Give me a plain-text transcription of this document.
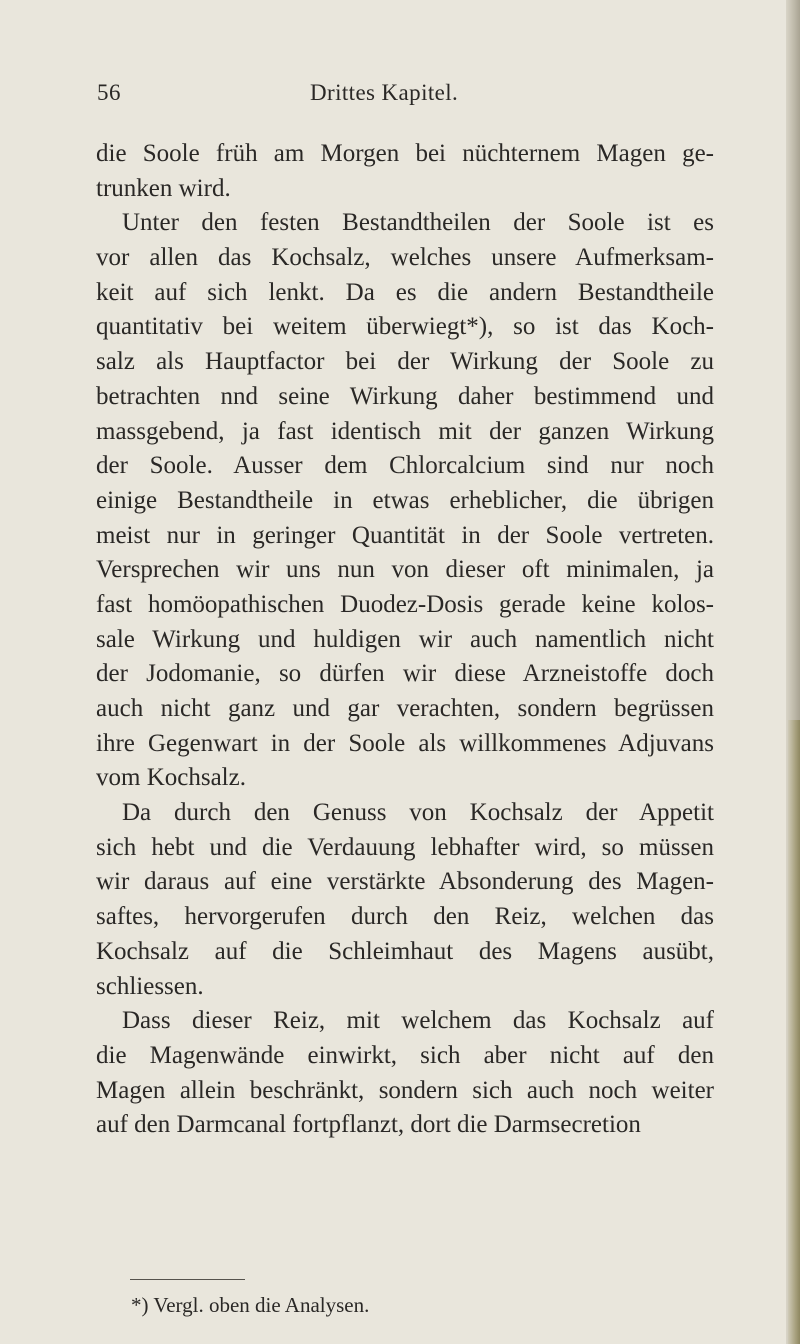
56	Drittes Kapitel.
die Soole früh am Morgen bei nüchternem Magen ge-
trunken wird.
Unter den festen Bestandtheilen der Soole ist es
vor allen das Kochsalz, welches unsere Aufmerksam-
keit auf sich lenkt. Da es die andern Bestandtheile
quantitativ bei weitem überwiegt*), so ist das Koch-
salz als Hauptfactor bei der Wirkung der Soole zu
betrachten nnd seine Wirkung daher bestimmend und
massgebend, ja fast identisch mit der ganzen Wirkung
der Soole. Ausser dem Chlorcalcium sind nur noch
einige Bestandtheile in etwas erheblicher, die übrigen
meist nur in geringer Quantität in der Soole vertreten.
Versprechen wir uns nun von dieser oft minimalen, ja
fast homöopathischen Duodez-Dosis gerade keine kolos-
sale Wirkung und huldigen wir auch namentlich nicht
der Jodomanie, so dürfen wir diese Arzneistoffe doch
auch nicht ganz und gar verachten, sondern begrüssen
ihre Gegenwart in der Soole als willkommenes Adjuvans
vom Kochsalz.
Da durch den Genuss von Kochsalz der Appetit
sich hebt und die Verdauung lebhafter wird, so müssen
wir daraus auf eine verstärkte Absonderung des Magen-
saftes, hervorgerufen durch den Reiz, welchen das
Kochsalz auf die Schleimhaut des Magens ausübt,
schliessen.
Dass dieser Reiz, mit welchem das Kochsalz auf
die Magenwände einwirkt, sich aber nicht auf den
Magen allein beschränkt, sondern sich auch noch weiter
auf den Darmcanal fortpflanzt, dort die Darmsecretion
*) Vergl. oben die Analysen.
